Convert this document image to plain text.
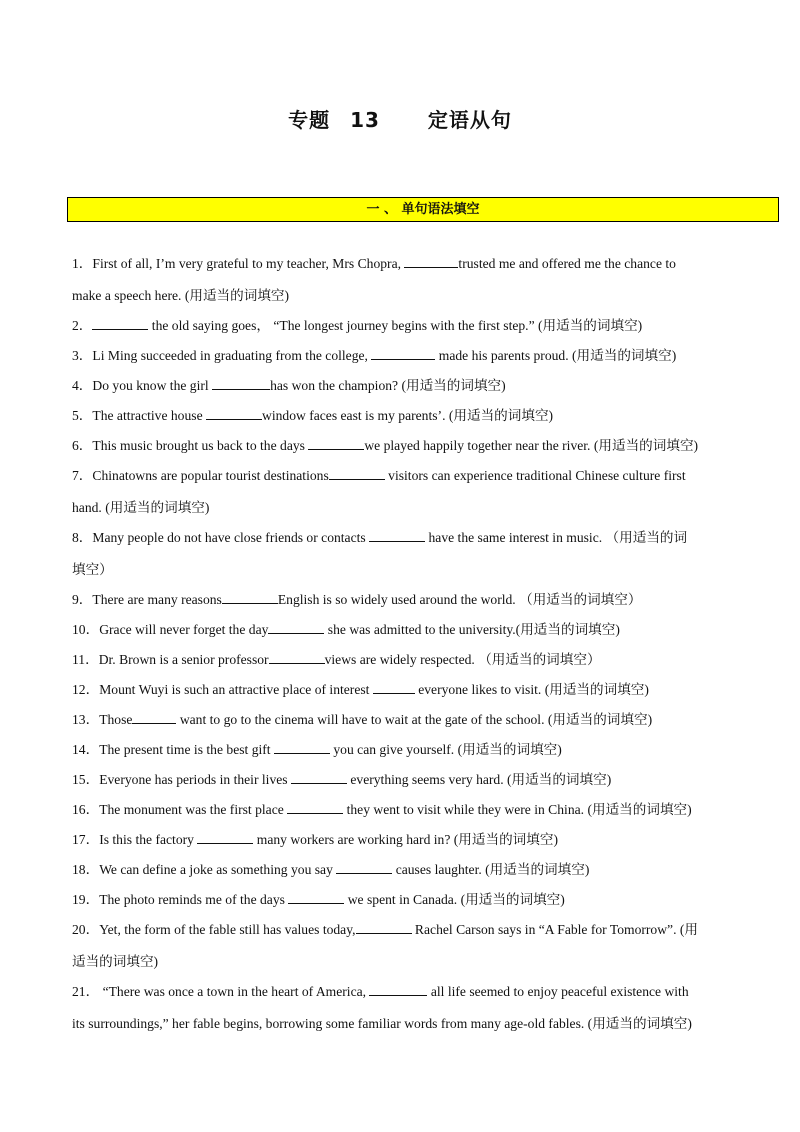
专题 13 定语从句
一 、 单句语法填空
1．First of all, I’m very grateful to my teacher, Mrs Chopra,	trusted me and offered me the chance to
make a speech here. (用适当的词填空)
2．	the old saying goes， “The longest journey begins with the first step.” (用适当的词填空)
3．Li Ming succeeded in graduating from the college,	made his parents proud. (用适当的词填空)
4．Do you know the girl	has won the champion? (用适当的词填空)
5．The attractive house	window faces east is my parents’. (用适当的词填空)
6．This music brought us back to the days	we played happily together near the river. (用适当的词填空)
7．Chinatowns are popular tourist destinations	visitors can experience traditional Chinese culture first
hand. (用适当的词填空)
8．Many people do not have close friends or contacts	have the same interest in music. （用适当的词
填空）
9．There are many reasons	English is so widely used around the world. （用适当的词填空）
10．Grace will never forget the day	she was admitted to the university.(用适当的词填空)
11．Dr. Brown is a senior professor	views are widely respected. （用适当的词填空）
12．Mount Wuyi is such an attractive place of interest	everyone likes to visit. (用适当的词填空)
13．Those	want to go to the cinema will have to wait at the gate of the school. (用适当的词填空)
14．The present time is the best gift	you can give yourself. (用适当的词填空)
15．Everyone has periods in their lives	everything seems very hard. (用适当的词填空)
16．The monument was the first place	they went to visit while they were in China. (用适当的词填空)
17．Is this the factory	many workers are working hard in? (用适当的词填空)
18．We can define a joke as something you say	causes laughter. (用适当的词填空)
19．The photo reminds me of the days	we spent in Canada. (用适当的词填空)
20．Yet, the form of the fable still has values today,	Rachel Carson says in “A Fable for Tomorrow”. (用
适当的词填空)
21． “There was once a town in the heart of America,	all life seemed to enjoy peaceful existence with
its surroundings,” her fable begins, borrowing some familiar words from many age-old fables. (用适当的词填空)
